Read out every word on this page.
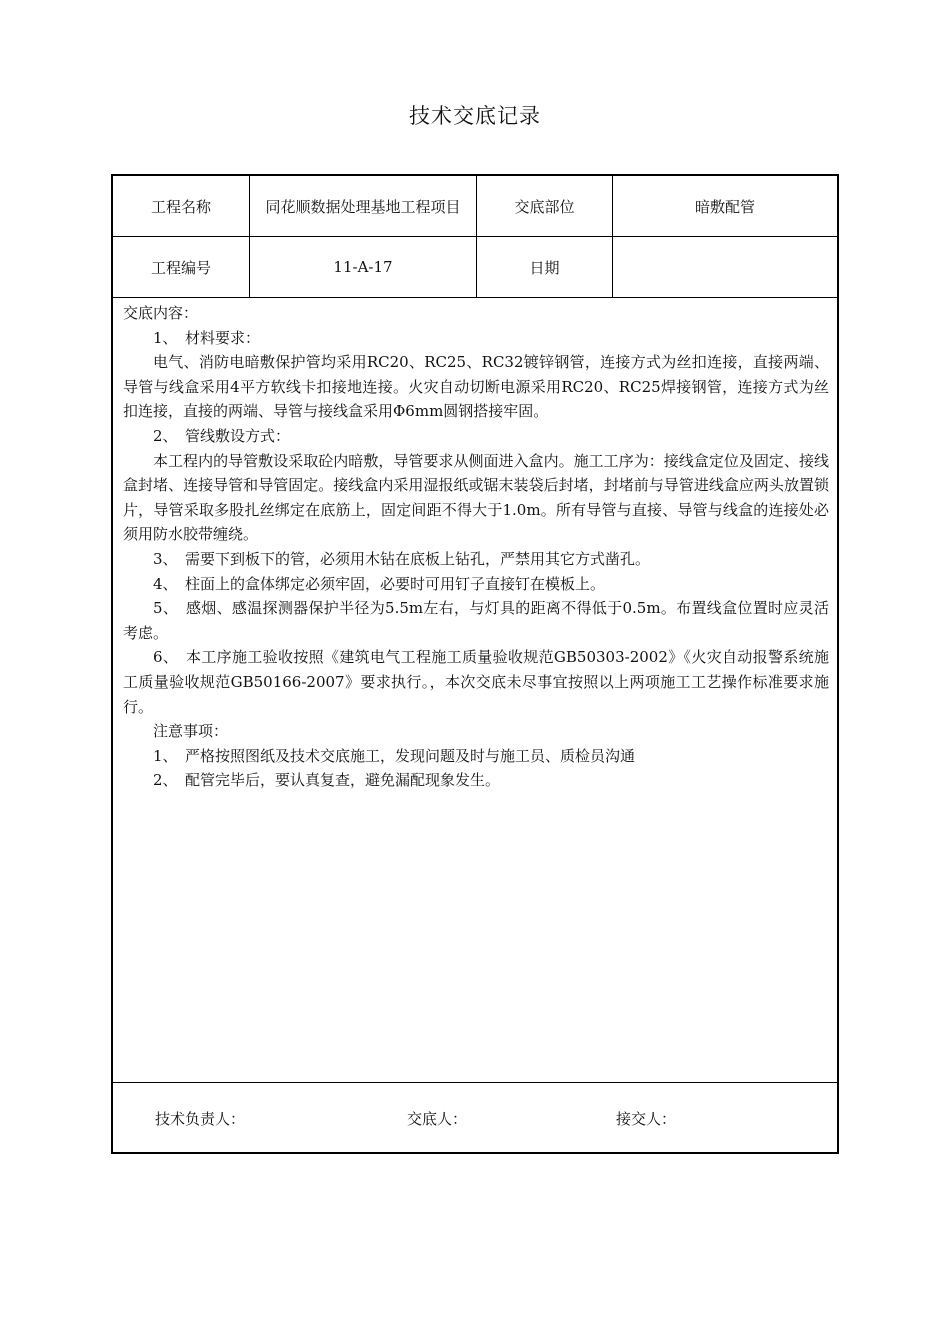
技术交底记录
工程名称	同花顺数据处理基地工程项目	交底部位	暗敷配管
工程编号	11-A-17	日期

交底内容：

1、　材料要求：

电气、消防电暗敷保护管均采用RC20、RC25、RC32镀锌钢管，连接方式为丝扣连接，直接两端、导管与线盒采用4平方软线卡扣接地连接。火灾自动切断电源采用RC20、RC25焊接钢管，连接方式为丝扣连接，直接的两端、导管与接线盒采用Φ6mm圆钢搭接牢固。

2、　管线敷设方式：

本工程内的导管敷设采取砼内暗敷，导管要求从侧面进入盒内。施工工序为：接线盒定位及固定、接线盒封堵、连接导管和导管固定。接线盒内采用湿报纸或锯末装袋后封堵，封堵前与导管进线盒应两头放置锁片，导管采取多股扎丝绑定在底筋上，固定间距不得大于1.0m。所有导管与直接、导管与线盒的连接处必须用防水胶带缠绕。

3、　需要下到板下的管，必须用木钻在底板上钻孔，严禁用其它方式凿孔。

4、　柱面上的盒体绑定必须牢固，必要时可用钉子直接钉在模板上。

5、　感烟、感温探测器保护半径为5.5m左右，与灯具的距离不得低于0.5m。布置线盒位置时应灵活考虑。

6、　本工序施工验收按照《建筑电气工程施工质量验收规范GB50303-2002》《火灾自动报警系统施工质量验收规范GB50166-2007》要求执行。，本次交底未尽事宜按照以上两项施工工艺操作标准要求施行。

注意事项：

1、　严格按照图纸及技术交底施工，发现问题及时与施工员、质检员沟通

2、　配管完毕后，要认真复查，避免漏配现象发生。

技术负责人：	交底人：	接交人：
